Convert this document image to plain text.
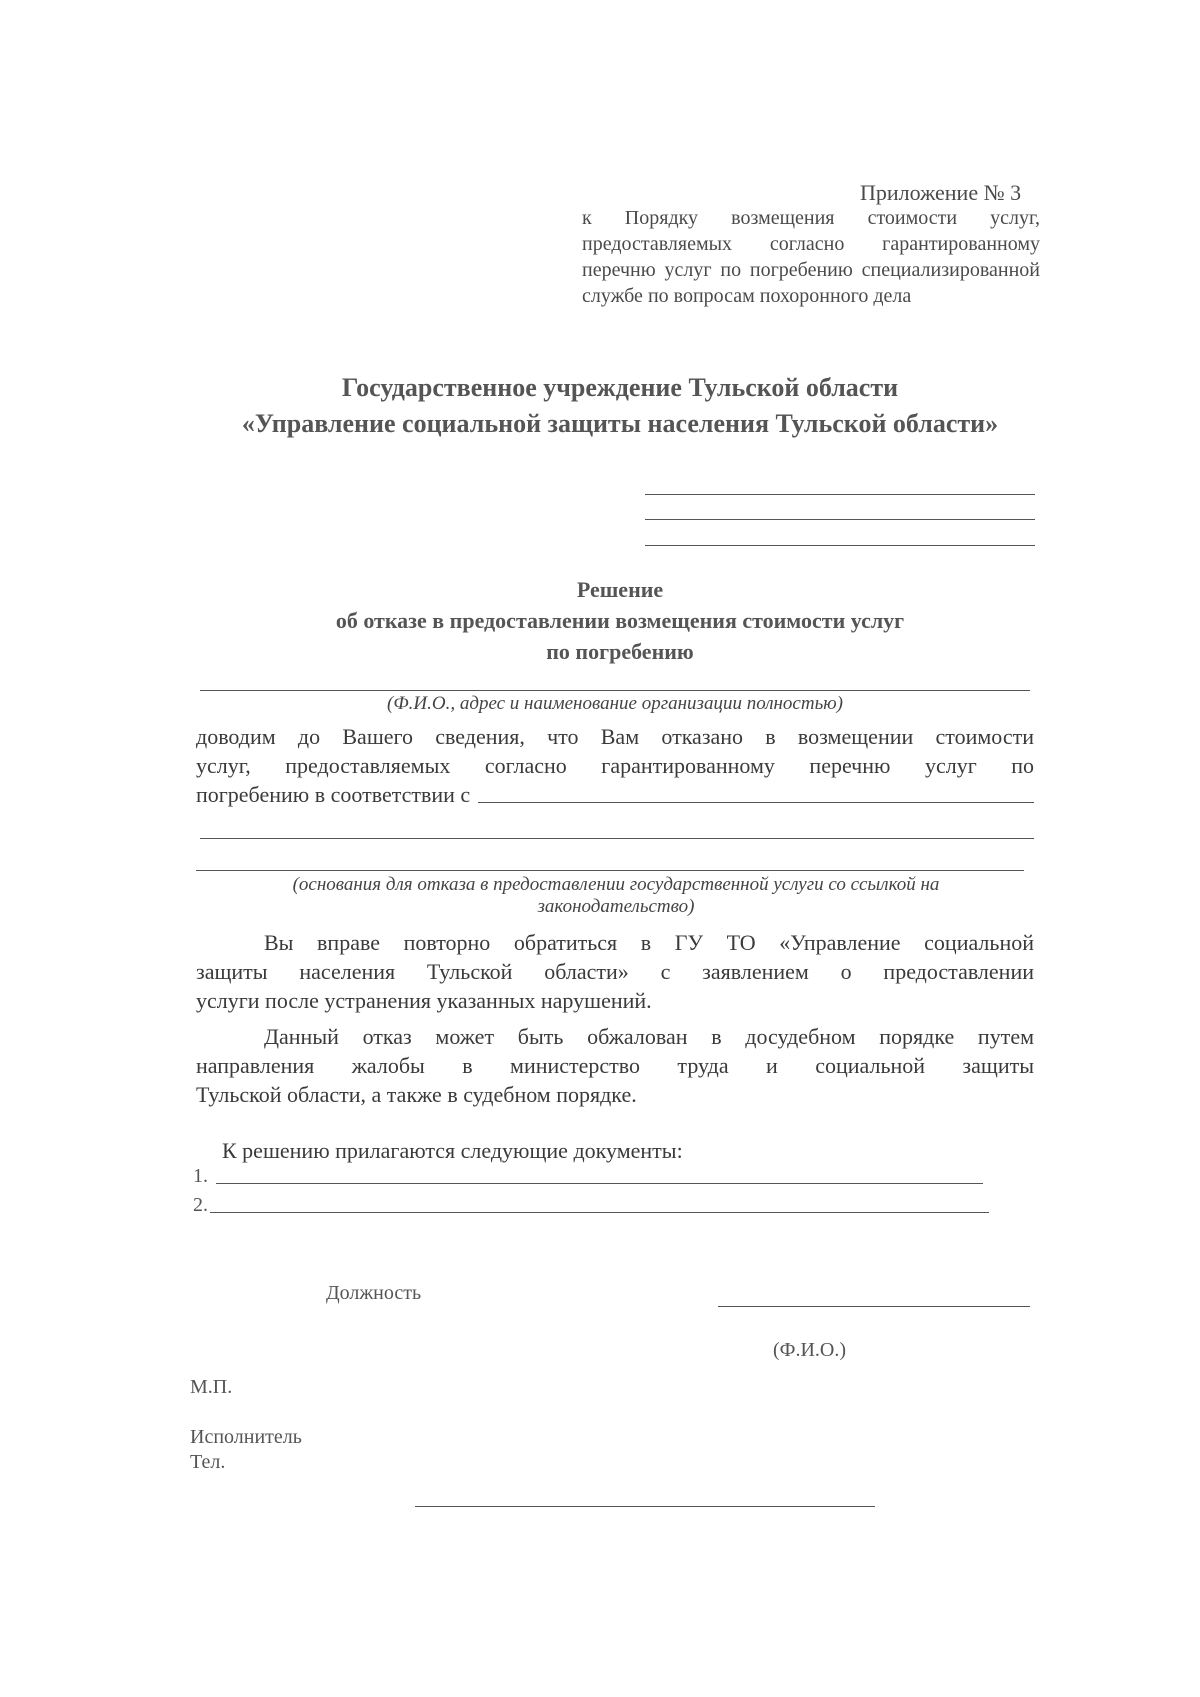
Приложение № 3
к Порядку возмещения стоимости услуг, предоставляемых согласно гарантированному перечню услуг по погребению специализированной службе по вопросам похоронного дела
Государственное учреждение Тульской области
«Управление социальной защиты населения Тульской области»
Решение
об отказе в предоставлении возмещения стоимости услуг
по погребению
(Ф.И.О., адрес и наименование организации полностью)
доводим до Вашего сведения, что Вам отказано в возмещении стоимости
услуг, предоставляемых согласно гарантированному перечню услуг по
погребению в соответствии с
(основания для отказа в предоставлении государственной услуги со ссылкой на
законодательство)
Вы вправе повторно обратиться в ГУ ТО «Управление социальной
защиты населения Тульской области» с заявлением о предоставлении
услуги после устранения указанных нарушений.
Данный отказ может быть обжалован в досудебном порядке путем
направления жалобы в министерство труда и социальной защиты
Тульской области, а также в судебном порядке.
К решению прилагаются следующие документы:
1.
2.
Должность
(Ф.И.О.)
М.П.
Исполнитель
Тел.
